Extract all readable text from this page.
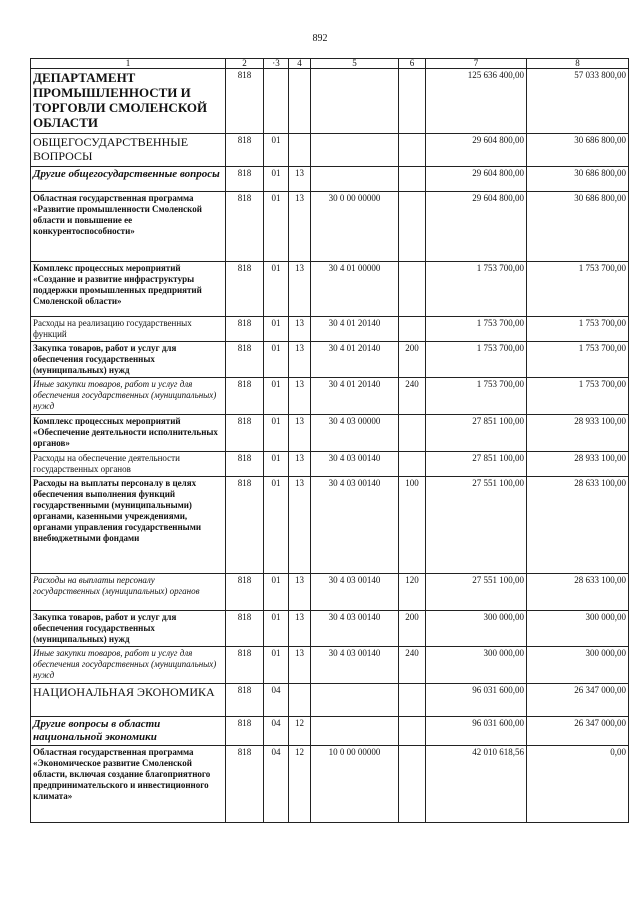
892
1	2	·3	4	5	6	7	8
ДЕПАРТАМЕНТ ПРОМЫШЛЕННОСТИ И ТОРГОВЛИ СМОЛЕНСКОЙ ОБЛАСТИ	818					125 636 400,00	57 033 800,00
ОБЩЕГОСУДАРСТВЕННЫЕ ВОПРОСЫ	818	01				29 604 800,00	30 686 800,00
Другие общегосударственные вопросы	818	01	13			29 604 800,00	30 686 800,00
Областная государственная программа «Развитие промышленности Смоленской области и повышение ее конкурентоспособности»	818	01	13	30 0 00 00000		29 604 800,00	30 686 800,00
Комплекс процессных мероприятий «Создание и развитие инфраструктуры поддержки промышленных предприятий Смоленской области»	818	01	13	30 4 01 00000		1 753 700,00	1 753 700,00
Расходы на реализацию государственных функций	818	01	13	30 4 01 20140		1 753 700,00	1 753 700,00
Закупка товаров, работ и услуг для обеспечения государственных (муниципальных) нужд	818	01	13	30 4 01 20140	200	1 753 700,00	1 753 700,00
Иные закупки товаров, работ и услуг для обеспечения государственных (муниципальных) нужд	818	01	13	30 4 01 20140	240	1 753 700,00	1 753 700,00
Комплекс процессных мероприятий «Обеспечение деятельности исполнительных органов»	818	01	13	30 4 03 00000		27 851 100,00	28 933 100,00
Расходы на обеспечение деятельности государственных органов	818	01	13	30 4 03 00140		27 851 100,00	28 933 100,00
Расходы на выплаты персоналу в целях обеспечения выполнения функций государственными (муниципальными) органами, казенными учреждениями, органами управления государственными внебюджетными фондами	818	01	13	30 4 03 00140	100	27 551 100,00	28 633 100,00
Расходы на выплаты персоналу государственных (муниципальных) органов	818	01	13	30 4 03 00140	120	27 551 100,00	28 633 100,00
Закупка товаров, работ и услуг для обеспечения государственных (муниципальных) нужд	818	01	13	30 4 03 00140	200	300 000,00	300 000,00
Иные закупки товаров, работ и услуг для обеспечения государственных (муниципальных) нужд	818	01	13	30 4 03 00140	240	300 000,00	300 000,00
НАЦИОНАЛЬНАЯ ЭКОНОМИКА	818	04				96 031 600,00	26 347 000,00
Другие вопросы в области национальной экономики	818	04	12			96 031 600,00	26 347 000,00
Областная государственная программа «Экономическое развитие Смоленской области, включая создание благоприятного предпринимательского и инвестиционного климата»	818	04	12	10 0 00 00000		42 010 618,56	0,00
